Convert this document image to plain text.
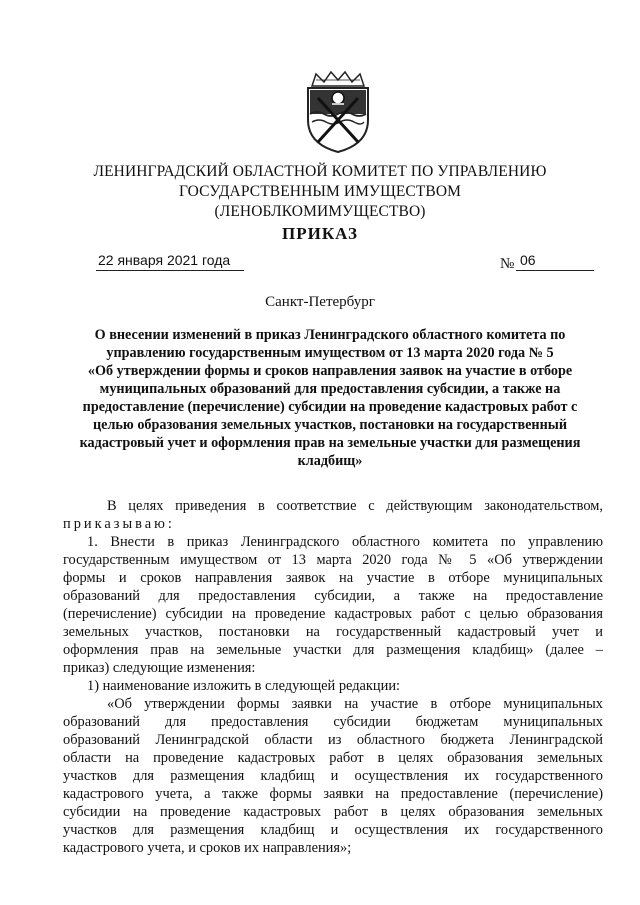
ЛЕНИНГРАДСКИЙ ОБЛАСТНОЙ КОМИТЕТ ПО УПРАВЛЕНИЮ
ГОСУДАРСТВЕННЫМ ИМУЩЕСТВОМ
(ЛЕНОБЛКОМИМУЩЕСТВО)
ПРИКАЗ
22 января 2021 года	№ 06
Санкт-Петербург
О внесении изменений в приказ Ленинградского областного комитета по
управлению государственным имуществом от 13 марта 2020 года № 5
«Об утверждении формы и сроков направления заявок на участие в отборе
муниципальных образований для предоставления субсидии, а также на
предоставление (перечисление) субсидии на проведение кадастровых работ с
целью образования земельных участков, постановки на государственный
кадастровый учет и оформления прав на земельные участки для размещения
кладбищ»
В целях приведения в соответствие с действующим законодательством,
приказываю:
1. Внести в приказ Ленинградского областного комитета по управлению
государственным имуществом от 13 марта 2020 года № 5 «Об утверждении
формы и сроков направления заявок на участие в отборе муниципальных
образований для предоставления субсидии, а также на предоставление
(перечисление) субсидии на проведение кадастровых работ с целью образования
земельных участков, постановки на государственный кадастровый учет и
оформления прав на земельные участки для размещения кладбищ» (далее –
приказ) следующие изменения:
1) наименование изложить в следующей редакции:
«Об утверждении формы заявки на участие в отборе муниципальных
образований для предоставления субсидии бюджетам муниципальных
образований Ленинградской области из областного бюджета Ленинградской
области на проведение кадастровых работ в целях образования земельных
участков для размещения кладбищ и осуществления их государственного
кадастрового учета, а также формы заявки на предоставление (перечисление)
субсидии на проведение кадастровых работ в целях образования земельных
участков для размещения кладбищ и осуществления их государственного
кадастрового учета, и сроков их направления»;
